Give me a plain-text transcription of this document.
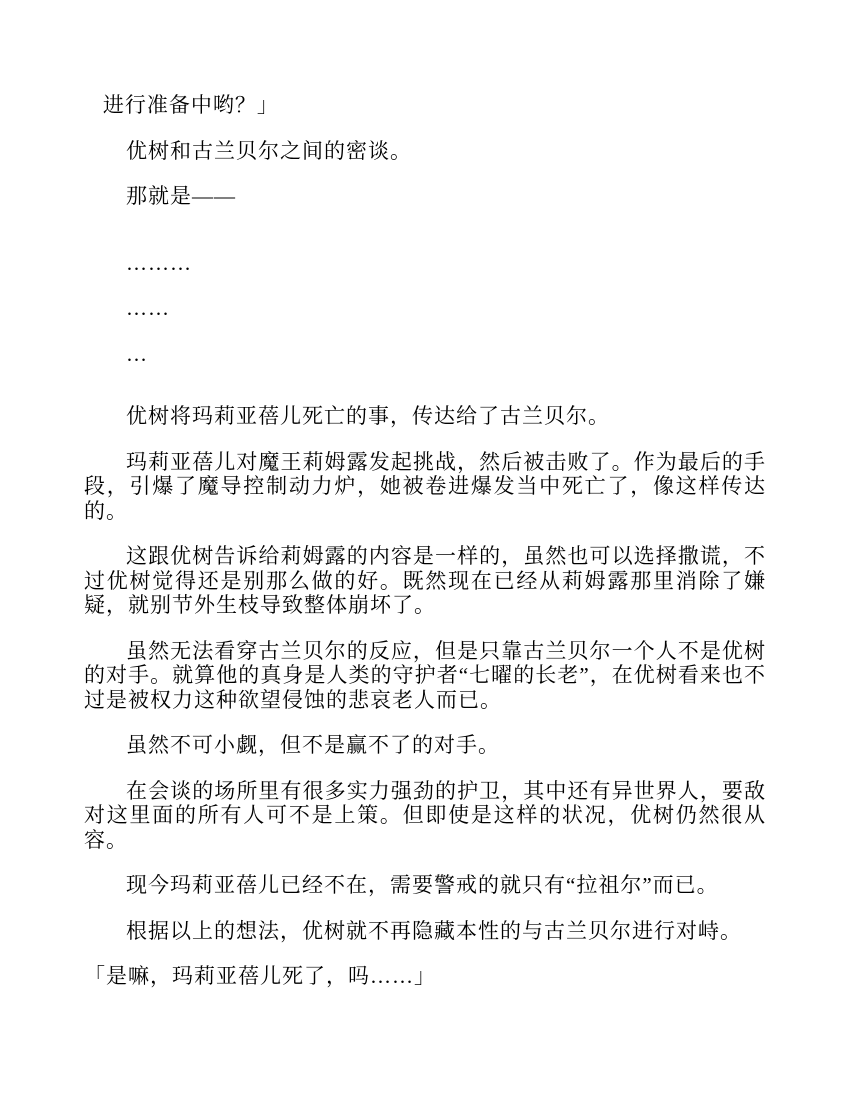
进行准备中哟？」

优树和古兰贝尔之间的密谈。

那就是——

………

……

…

优树将玛莉亚蓓儿死亡的事，传达给了古兰贝尔。

玛莉亚蓓儿对魔王莉姆露发起挑战，然后被击败了。作为最后的手段，引爆了魔导控制动力炉，她被卷进爆发当中死亡了，像这样传达的。

这跟优树告诉给莉姆露的内容是一样的，虽然也可以选择撒谎，不过优树觉得还是别那么做的好。既然现在已经从莉姆露那里消除了嫌疑，就别节外生枝导致整体崩坏了。

虽然无法看穿古兰贝尔的反应，但是只靠古兰贝尔一个人不是优树的对手。就算他的真身是人类的守护者“七曜的长老”，在优树看来也不过是被权力这种欲望侵蚀的悲哀老人而已。

虽然不可小觑，但不是赢不了的对手。

在会谈的场所里有很多实力强劲的护卫，其中还有异世界人，要敌对这里面的所有人可不是上策。但即使是这样的状况，优树仍然很从容。

现今玛莉亚蓓儿已经不在，需要警戒的就只有“拉祖尔”而已。

根据以上的想法，优树就不再隐藏本性的与古兰贝尔进行对峙。

「是嘛，玛莉亚蓓儿死了，吗……」
